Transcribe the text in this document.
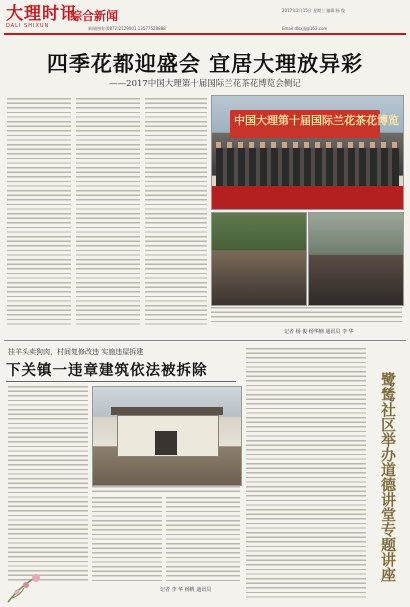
大理时讯
DALI SHIXUN
综合新闻	2017年2月15日 星期三 编辑:杨 俊
新闻热线:(0872)2129001 13577528888	Email:dlsxjlj@163.com
四季花都迎盛会 宜居大理放异彩
——2017中国大理第十届国际兰花茶花博览会侧记
中国大理第十届国际兰花茶花博览
记者 杨 俊 杨华楠 通讯员 李 华
挂羊头卖狗肉，村间复修改违 实施违屋拆建
下关镇一违章建筑依法被拆除
记者 李 华 杨帆 通讯员
鹭鸶社区举办道德讲堂专题讲座
